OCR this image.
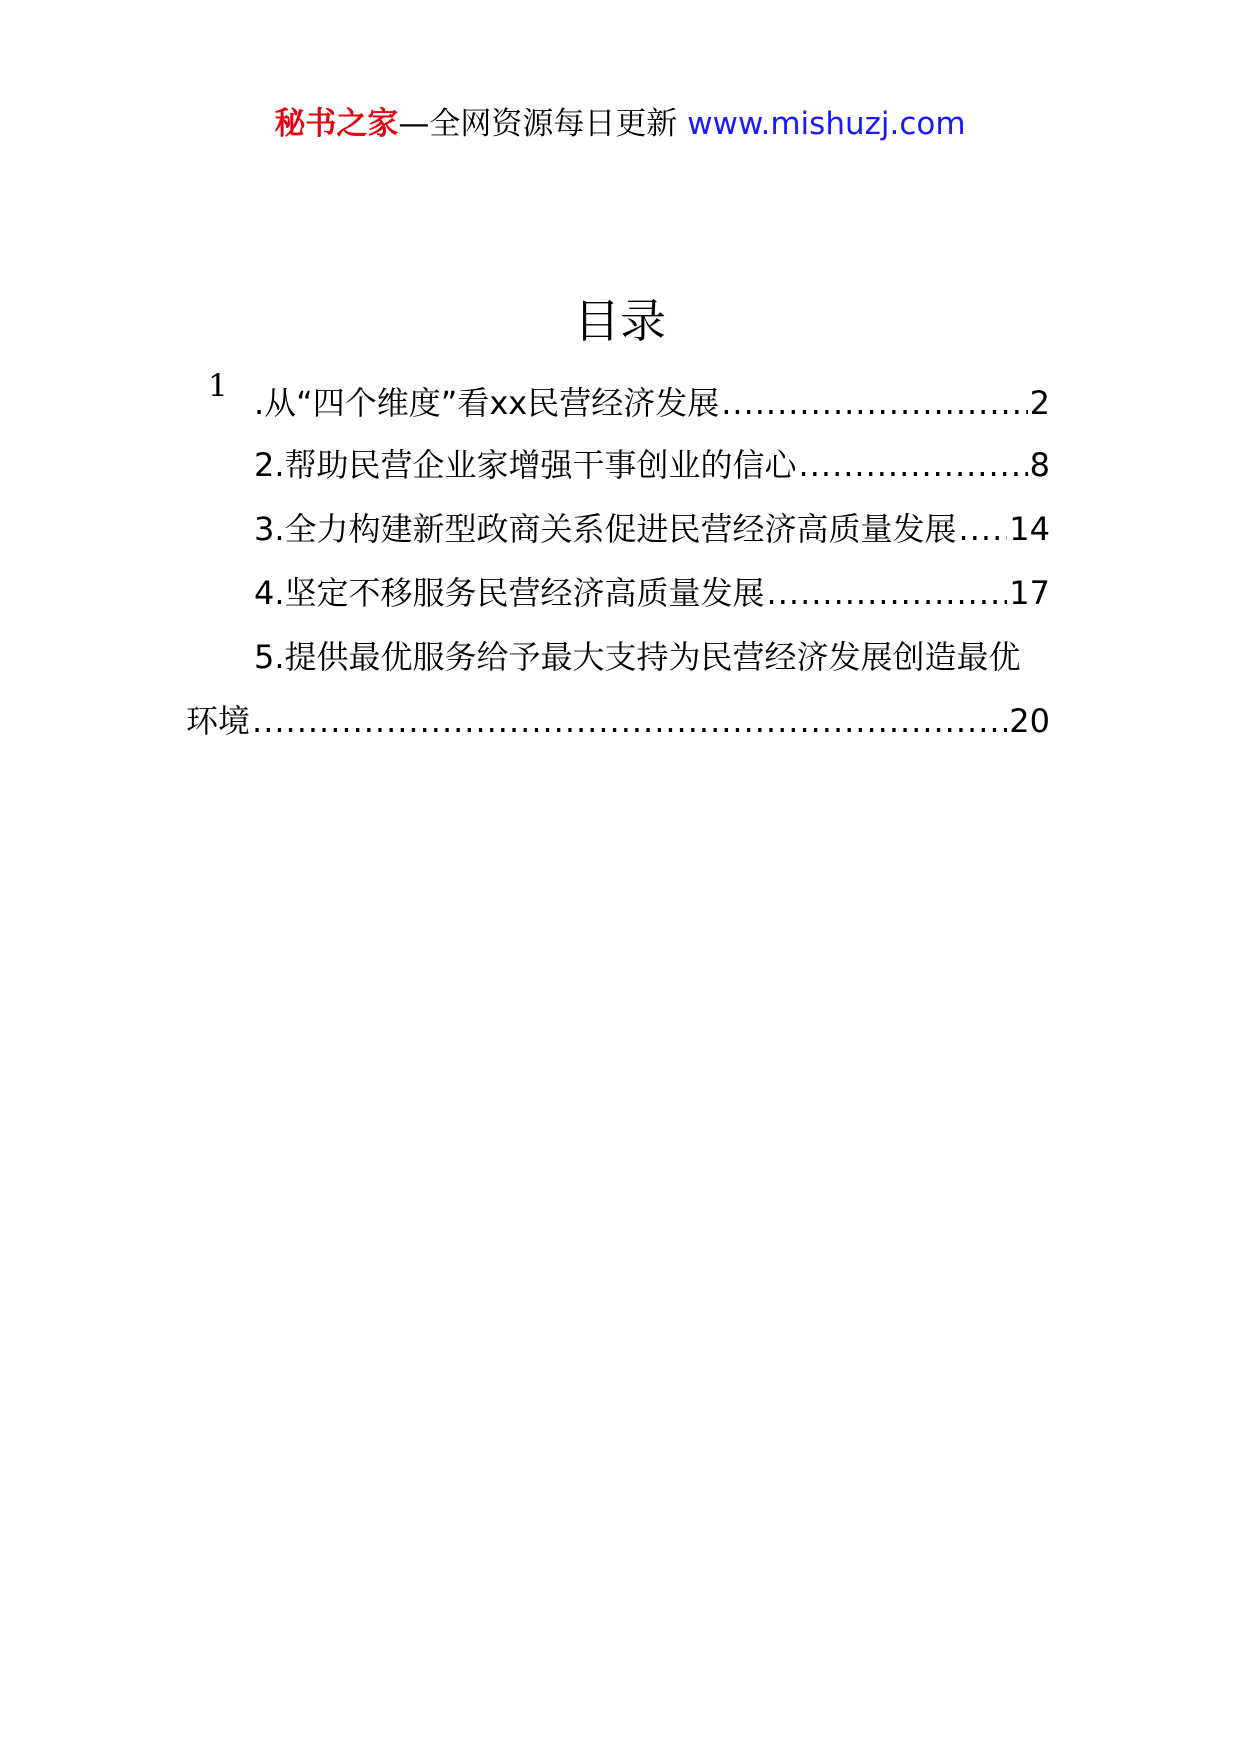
秘书之家—全网资源每日更新 www.mishuzj.com
目录
1 .从“四个维度”看xx民营经济发展 .....	2
2.帮助民营企业家增强干事创业的信心 .....	8
3.全力构建新型政商关系促进民营经济高质量发展 ..... 14
4.坚定不移服务民营经济高质量发展 .....	17
5.提供最优服务给予最大支持为民营经济发展创造最优
环境 .....	20
